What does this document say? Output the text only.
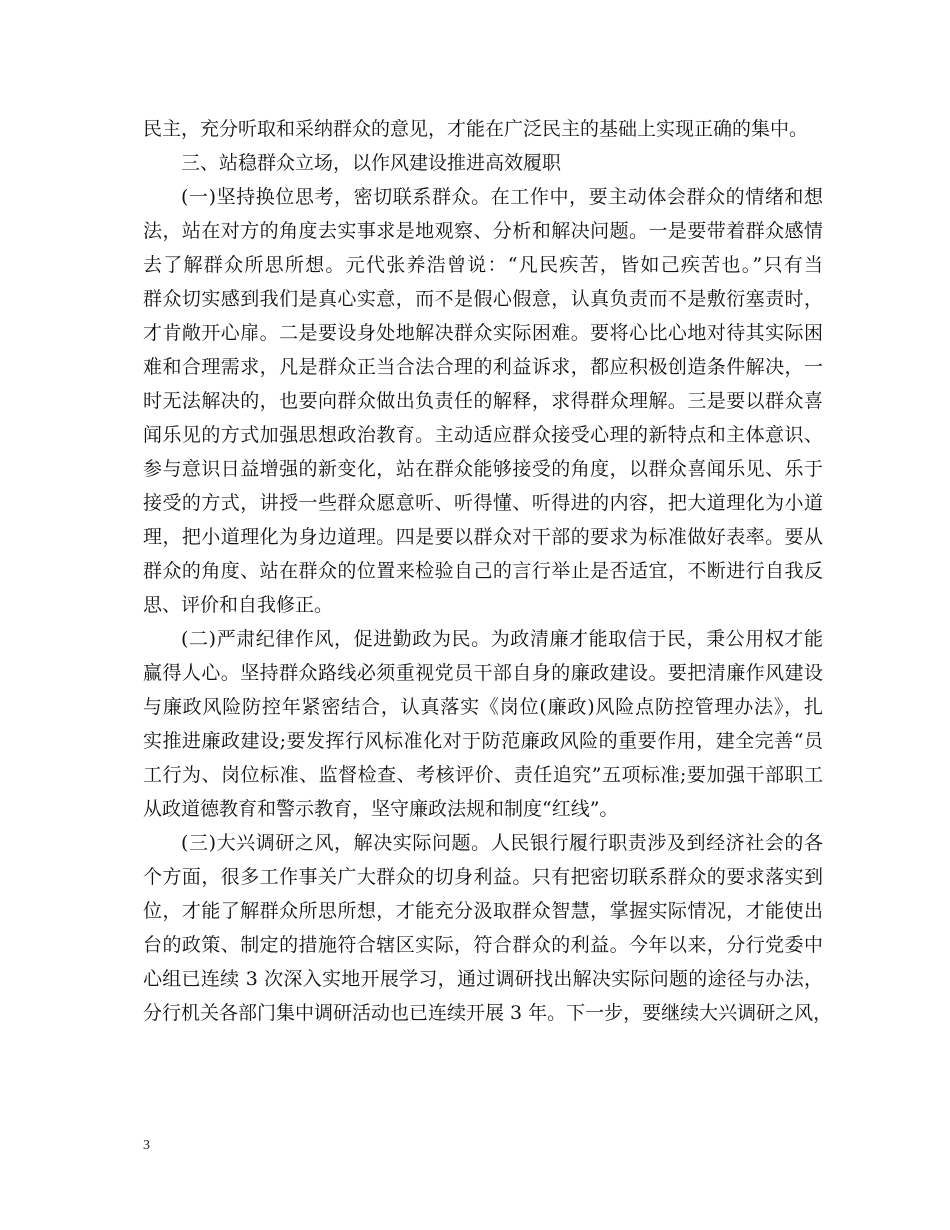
民主，充分听取和采纳群众的意见，才能在广泛民主的基础上实现正确的集中。
三、站稳群众立场，以作风建设推进高效履职
(一)坚持换位思考，密切联系群众。在工作中，要主动体会群众的情绪和想
法，站在对方的角度去实事求是地观察、分析和解决问题。一是要带着群众感情
去了解群众所思所想。元代张养浩曾说：“凡民疾苦，皆如己疾苦也。”只有当
群众切实感到我们是真心实意，而不是假心假意，认真负责而不是敷衍塞责时，
才肯敞开心扉。二是要设身处地解决群众实际困难。要将心比心地对待其实际困
难和合理需求，凡是群众正当合法合理的利益诉求，都应积极创造条件解决，一
时无法解决的，也要向群众做出负责任的解释，求得群众理解。三是要以群众喜
闻乐见的方式加强思想政治教育。主动适应群众接受心理的新特点和主体意识、
参与意识日益增强的新变化，站在群众能够接受的角度，以群众喜闻乐见、乐于
接受的方式，讲授一些群众愿意听、听得懂、听得进的内容，把大道理化为小道
理，把小道理化为身边道理。四是要以群众对干部的要求为标准做好表率。要从
群众的角度、站在群众的位置来检验自己的言行举止是否适宜，不断进行自我反
思、评价和自我修正。
(二)严肃纪律作风，促进勤政为民。为政清廉才能取信于民，秉公用权才能
赢得人心。坚持群众路线必须重视党员干部自身的廉政建设。要把清廉作风建设
与廉政风险防控年紧密结合，认真落实《岗位(廉政)风险点防控管理办法》，扎
实推进廉政建设;要发挥行风标准化对于防范廉政风险的重要作用，建全完善“员
工行为、岗位标准、监督检查、考核评价、责任追究”五项标准;要加强干部职工
从政道德教育和警示教育，坚守廉政法规和制度“红线”。
(三)大兴调研之风，解决实际问题。人民银行履行职责涉及到经济社会的各
个方面，很多工作事关广大群众的切身利益。只有把密切联系群众的要求落实到
位，才能了解群众所思所想，才能充分汲取群众智慧，掌握实际情况，才能使出
台的政策、制定的措施符合辖区实际，符合群众的利益。今年以来，分行党委中
心组已连续 3 次深入实地开展学习，通过调研找出解决实际问题的途径与办法，
分行机关各部门集中调研活动也已连续开展 3 年。下一步，要继续大兴调研之风，
3
